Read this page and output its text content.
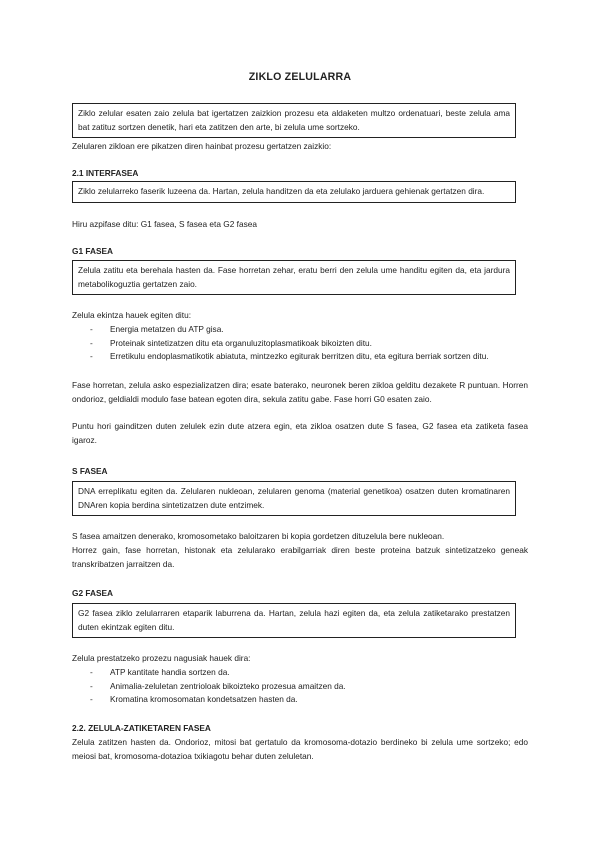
ZIKLO ZELULARRA
Ziklo zelular esaten zaio zelula bat igertatzen zaizkion prozesu eta aldaketen multzo ordenatuari, beste zelula ama bat zatituz sortzen denetik, hari eta zatitzen den arte, bi zelula ume sortzeko.
Zelularen zikloan ere pikatzen diren hainbat prozesu gertatzen zaizkio:
2.1 INTERFASEA
Ziklo zelularreko faserik luzeena da. Hartan, zelula handitzen da eta zelulako jarduera gehienak gertatzen dira.
Hiru azpifase ditu: G1 fasea, S fasea eta G2 fasea
G1 FASEA
Zelula zatitu eta berehala hasten da. Fase horretan zehar, eratu berri den zelula ume handitu egiten da, eta jardura metabolikoguztia gertatzen zaio.
Zelula ekintza hauek egiten ditu:
- Energia metatzen du ATP gisa.
- Proteinak sintetizatzen ditu eta organuluzitoplasmatikoak bikoizten ditu.
- Erretikulu endoplasmatikotik abiatuta, mintzezko egiturak berritzen ditu, eta egitura berriak sortzen ditu.
Fase horretan, zelula asko espezializatzen dira; esate baterako, neuronek beren zikloa gelditu dezakete R puntuan. Horren ondorioz, geldialdi modulo fase batean egoten dira, sekula zatitu gabe. Fase horri G0 esaten zaio.
Puntu hori gainditzen duten zelulek ezin dute atzera egin, eta zikloa osatzen dute S fasea, G2 fasea eta zatiketa fasea igaroz.
S FASEA
DNA erreplikatu egiten da. Zelularen nukleoan, zelularen genoma (material genetikoa) osatzen duten kromatinaren DNAren kopia berdina sintetizatzen dute entzimek.
S fasea amaitzen denerako, kromosometako baloitzaren bi kopia gordetzen dituzelula bere nukleoan.
Horrez gain, fase horretan, histonak eta zelularako erabilgarriak diren beste proteina batzuk sintetizatzeko geneak transkribatzen jarraitzen da.
G2 FASEA
G2 fasea ziklo zelularraren etaparik laburrena da. Hartan, zelula hazi egiten da, eta zelula zatiketarako prestatzen duten ekintzak egiten ditu.
Zelula prestatzeko prozezu nagusiak hauek dira:
- ATP kantitate handia sortzen da.
- Animalia-zeluletan zentrioloak bikoizteko prozesua amaitzen da.
- Kromatina kromosomatan kondetsatzen hasten da.
2.2. ZELULA-ZATIKETAREN FASEA
Zelula zatitzen hasten da. Ondorioz, mitosi bat gertatulo da kromosoma-dotazio berdineko bi zelula ume sortzeko; edo meiosi bat, kromosoma-dotazioa txikiagotu behar duten zeluletan.
